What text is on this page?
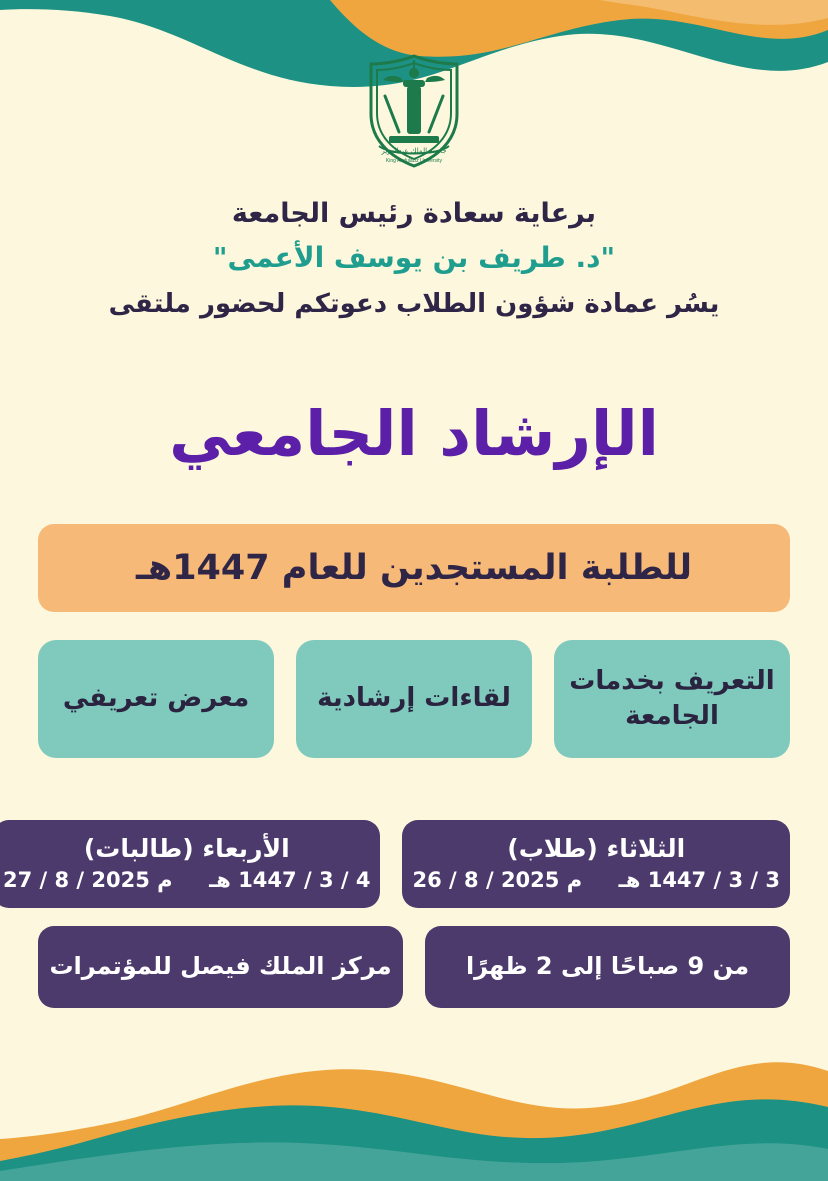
جامعة الملك عبدالعزيز
King Abdulaziz University
برعاية سعادة رئيس الجامعة
"د. طريف بن يوسف الأعمى"
يسُر عمادة شؤون الطلاب دعوتكم لحضور ملتقى
الإرشاد الجامعي
للطلبة المستجدين للعام 1447هـ
التعريف بخدمات الجامعة
لقاءات إرشادية
معرض تعريفي
الثلاثاء (طلاب)
3 / 3 / 1447 هـ     م 2025 / 8 / 26
الأربعاء (طالبات)
4 / 3 / 1447 هـ     م 2025 / 8 / 27
من 9 صباحًا إلى 2 ظهرًا
مركز الملك فيصل للمؤتمرات
